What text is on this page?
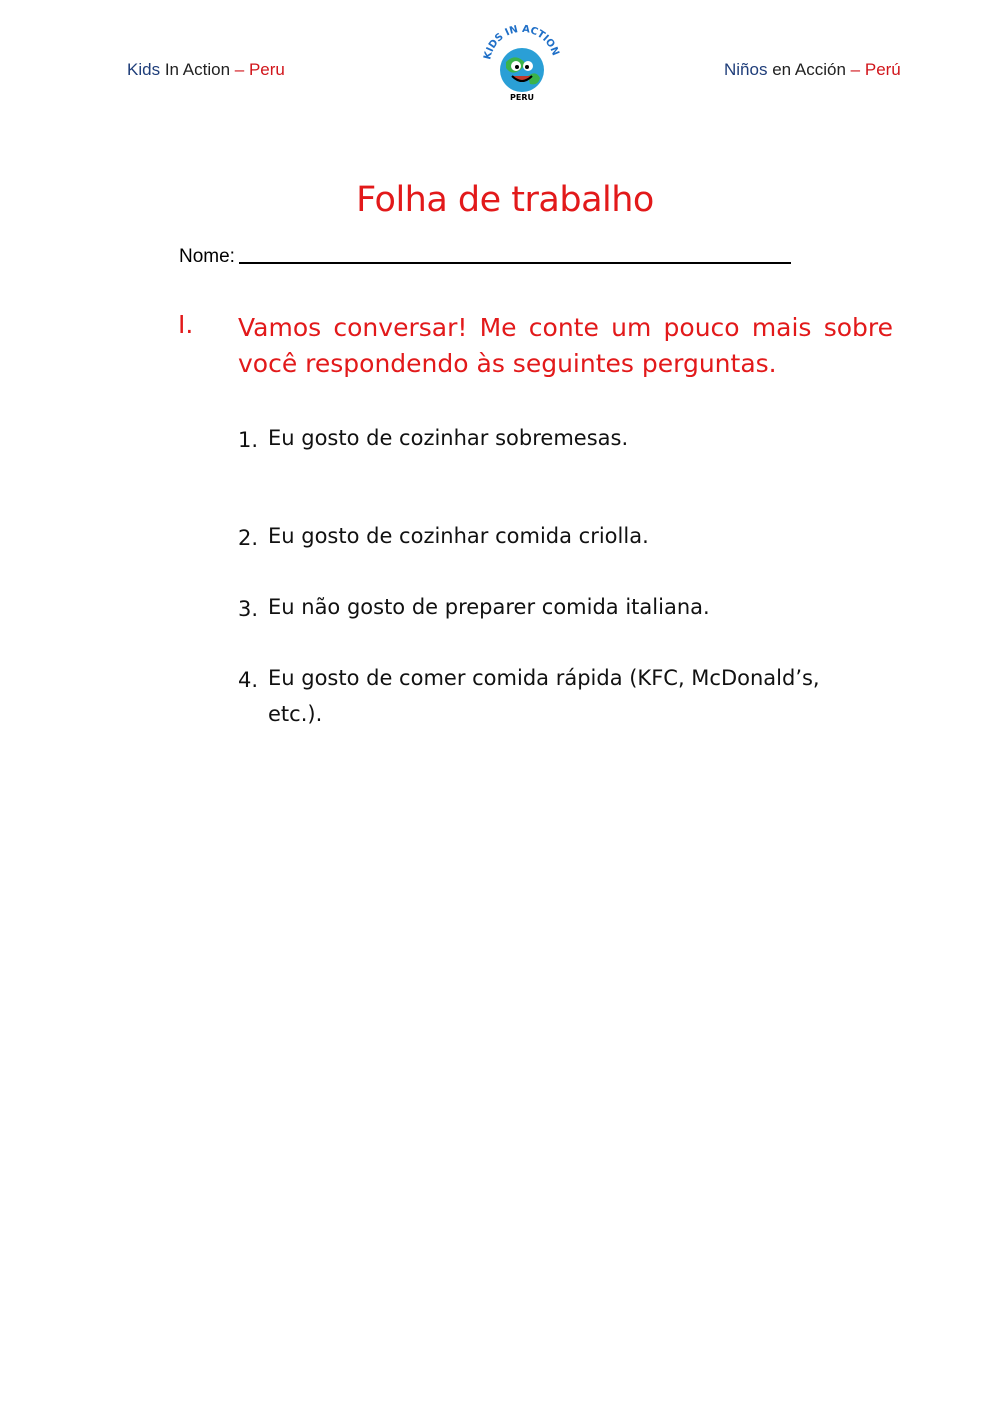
Kids In Action – Peru
KIDS IN ACTION
PERU
Niños en Acción – Perú
Folha de trabalho
Nome:
I. Vamos conversar! Me conte um pouco mais sobre você respondendo às seguintes perguntas.
1. Eu gosto de cozinhar sobremesas.
2. Eu gosto de cozinhar comida criolla.
3. Eu não gosto de preparer comida italiana.
4. Eu gosto de comer comida rápida (KFC, McDonald’s, etc.).
